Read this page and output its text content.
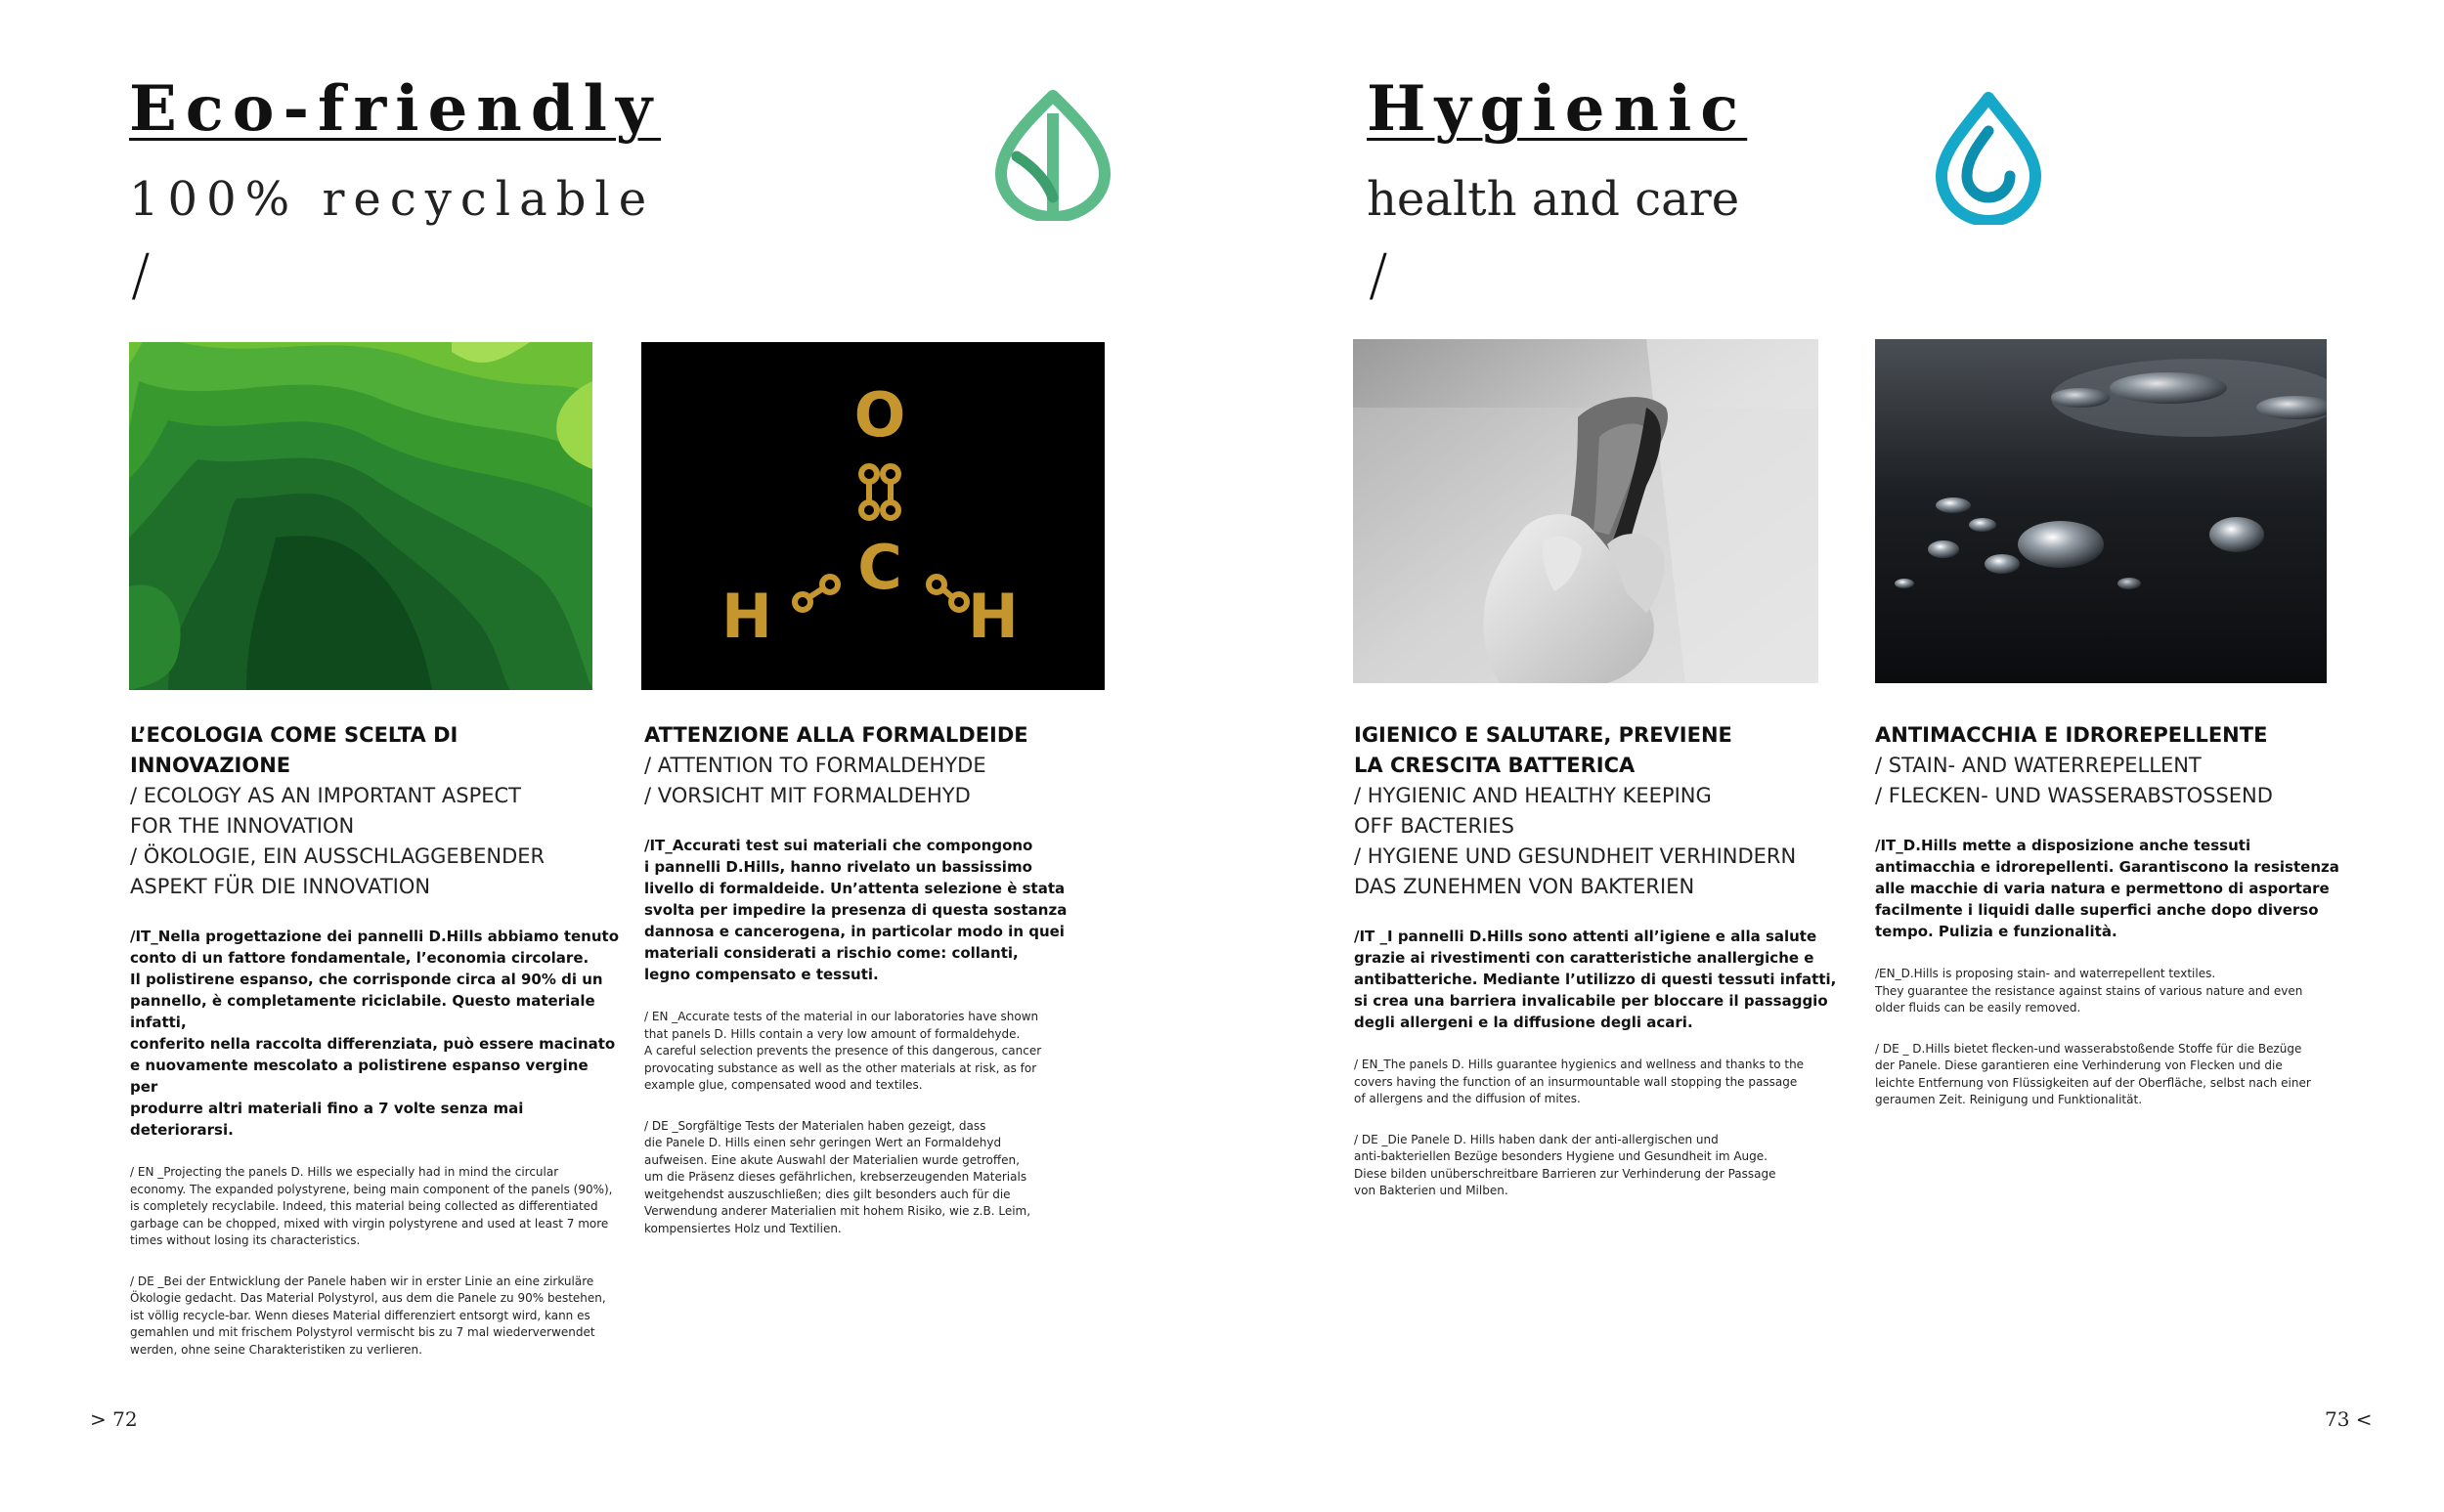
Eco-friendly
100% recyclable
/
O
C
H	H
L’ECOLOGIA COME SCELTA DI INNOVAZIONE

/ ECOLOGY AS AN IMPORTANT ASPECT
FOR THE INNOVATION
/ ÖKOLOGIE, EIN AUSSCHLAGGEBENDER
ASPEKT FÜR DIE INNOVATION

/IT_Nella progettazione dei pannelli D.Hills abbiamo tenuto
conto di un fattore fondamentale, l’economia circolare.
Il polistirene espanso, che corrisponde circa al 90% di un
pannello, è completamente riciclabile. Questo materiale infatti,
conferito nella raccolta differenziata, può essere macinato
e nuovamente mescolato a polistirene espanso vergine per
produrre altri materiali fino a 7 volte senza mai deteriorarsi.

/ EN _Projecting the panels D. Hills we especially had in mind the circular
economy. The expanded polystyrene, being main component of the panels (90%),
is completely recyclabile. Indeed, this material being collected as differentiated
garbage can be chopped, mixed with virgin polystyrene and used at least 7 more
times without losing its characteristics.

/ DE _Bei der Entwicklung der Panele haben wir in erster Linie an eine zirkuläre
Ökologie gedacht. Das Material Polystyrol, aus dem die Panele zu 90% bestehen,
ist völlig recycle-bar. Wenn dieses Material differenziert entsorgt wird, kann es
gemahlen und mit frischem Polystyrol vermischt bis zu 7 mal wiederverwendet
werden, ohne seine Charakteristiken zu verlieren.

ATTENZIONE ALLA FORMALDEIDE

/ ATTENTION TO FORMALDEHYDE
/ VORSICHT MIT FORMALDEHYD

/IT_Accurati test sui materiali che compongono
i pannelli D.Hills, hanno rivelato un bassissimo
livello di formaldeide. Un’attenta selezione è stata
svolta per impedire la presenza di questa sostanza
dannosa e cancerogena, in particolar modo in quei
materiali considerati a rischio come: collanti,
legno compensato e tessuti.

/ EN _Accurate tests of the material in our laboratories have shown
that panels D. Hills contain a very low amount of formaldehyde.
A careful selection prevents the presence of this dangerous, cancer
provocating substance as well as the other materials at risk, as for
example glue, compensated wood and textiles.

/ DE _Sorgfältige Tests der Materialen haben gezeigt, dass
die Panele D. Hills einen sehr geringen Wert an Formaldehyd
aufweisen. Eine akute Auswahl der Materialien wurde getroffen,
um die Präsenz dieses gefährlichen, krebserzeugenden Materials
weitgehendst auszuschließen; dies gilt besonders auch für die
Verwendung anderer Materialien mit hohem Risiko, wie z.B. Leim,
kompensiertes Holz und Textilien.

> 72
Hygienic
health and care
/
IGIENICO E SALUTARE, PREVIENE
LA CRESCITA BATTERICA

/ HYGIENIC AND HEALTHY KEEPING
OFF BACTERIES
/ HYGIENE UND GESUNDHEIT VERHINDERN
DAS ZUNEHMEN VON BAKTERIEN

/IT _I pannelli D.Hills sono attenti all’igiene e alla salute
grazie ai rivestimenti con caratteristiche anallergiche e
antibatteriche. Mediante l’utilizzo di questi tessuti infatti,
si crea una barriera invalicabile per bloccare il passaggio
degli allergeni e la diffusione degli acari.

/ EN_The panels D. Hills guarantee hygienics and wellness and thanks to the
covers having the function of an insurmountable wall stopping the passage
of allergens and the diffusion of mites.

/ DE _Die Panele D. Hills haben dank der anti-allergischen und
anti-bakteriellen Bezüge besonders Hygiene und Gesundheit im Auge.
Diese bilden unüberschreitbare Barrieren zur Verhinderung der Passage
von Bakterien und Milben.

ANTIMACCHIA E IDROREPELLENTE

/ STAIN- AND WATERREPELLENT
/ FLECKEN- UND WASSERABSTOSSEND

/IT_D.Hills mette a disposizione anche tessuti
antimacchia e idrorepellenti. Garantiscono la resistenza
alle macchie di varia natura e permettono di asportare
facilmente i liquidi dalle superfici anche dopo diverso
tempo. Pulizia e funzionalità.

/EN_D.Hills is proposing stain- and waterrepellent textiles.
They guarantee the resistance against stains of various nature and even
older fluids can be easily removed.

/ DE _ D.Hills bietet flecken-und wasserabstoßende Stoffe für die Bezüge
der Panele. Diese garantieren eine Verhinderung von Flecken und die
leichte Entfernung von Flüssigkeiten auf der Oberfläche, selbst nach einer
geraumen Zeit. Reinigung und Funktionalität.

73 <
